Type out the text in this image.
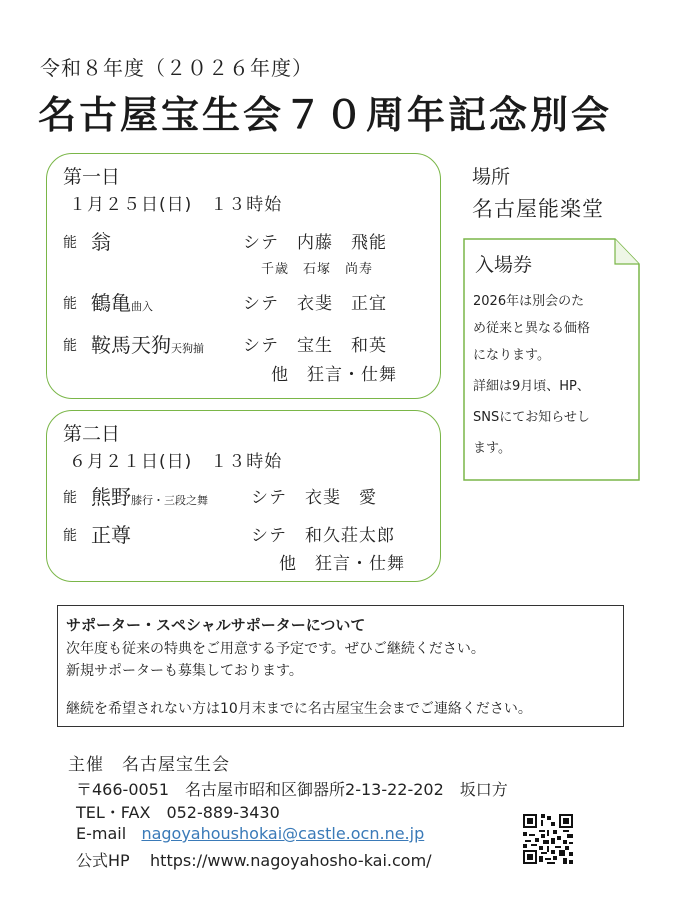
令和８年度（２０２６年度）
名古屋宝生会７０周年記念別会
第一日
１月２５日(日)　１３時始
能 翁	シテ　内藤　飛能
千歳　石塚　尚寿
能 鶴亀曲入	シテ　衣斐　正宜
能 鞍馬天狗天狗揃 シテ　宝生　和英
他　狂言・仕舞
第二日
６月２１日(日)　１３時始
能 熊野膝行・三段之舞	シテ　衣斐　愛
能 正尊	シテ　和久荘太郎
他　狂言・仕舞
場所
名古屋能楽堂
入場券
2026年は別会のた
め従来と異なる価格
になります。
詳細は9月頃、HP、
SNSにてお知らせし
ます。
サポーター・スペシャルサポーターについて
次年度も従来の特典をご用意する予定です。ぜひご継続ください。
新規サポーターも募集しております。
継続を希望されない方は10月末までに名古屋宝生会までご連絡ください。
主催　名古屋宝生会
〒466-0051　名古屋市昭和区御器所2-13-22-202　坂口方
TEL・FAX　052-889-3430
E-mail nagoyahoushokai@castle.ocn.ne.jp
公式HP https://www.nagoyahosho-kai.com/
